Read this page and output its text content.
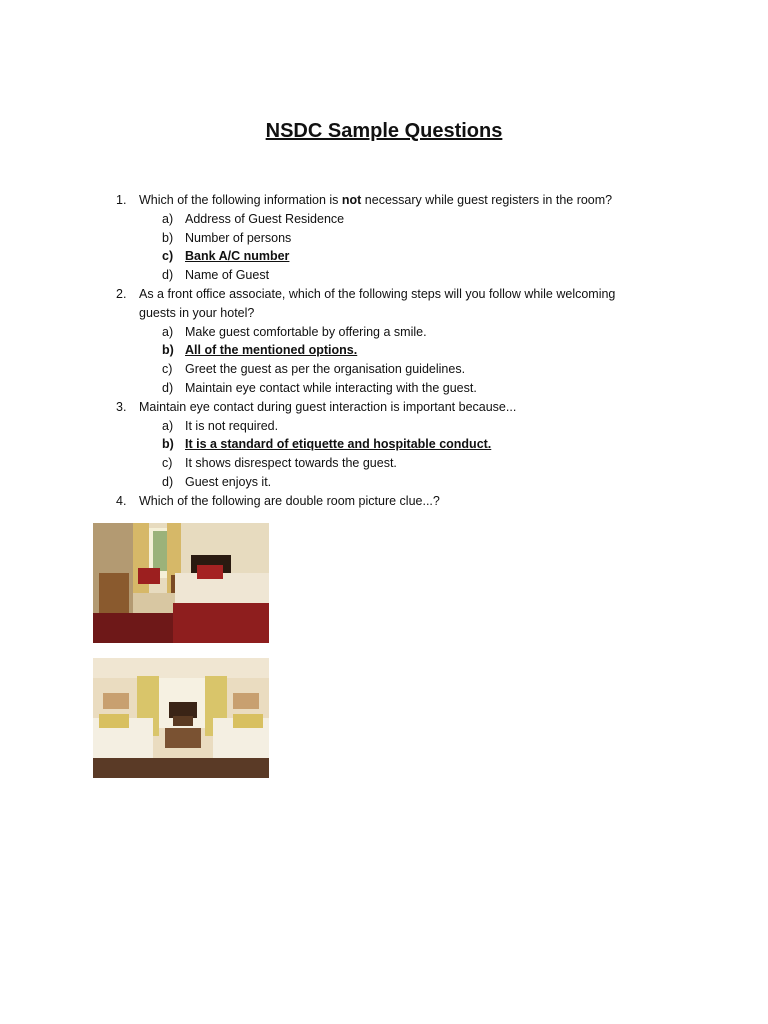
NSDC Sample Questions
1. Which of the following information is not necessary while guest registers in the room?
a) Address of Guest Residence
b) Number of persons
c) Bank A/C number
d) Name of Guest
2. As a front office associate, which of the following steps will you follow while welcoming guests in your hotel?
a) Make guest comfortable by offering a smile.
b) All of the mentioned options.
c) Greet the guest as per the organisation guidelines.
d) Maintain eye contact while interacting with the guest.
3. Maintain eye contact during guest interaction is important because...
a) It is not required.
b) It is a standard of etiquette and hospitable conduct.
c) It shows disrespect towards the guest.
d) Guest enjoys it.
4. Which of the following are double room picture clue...?
